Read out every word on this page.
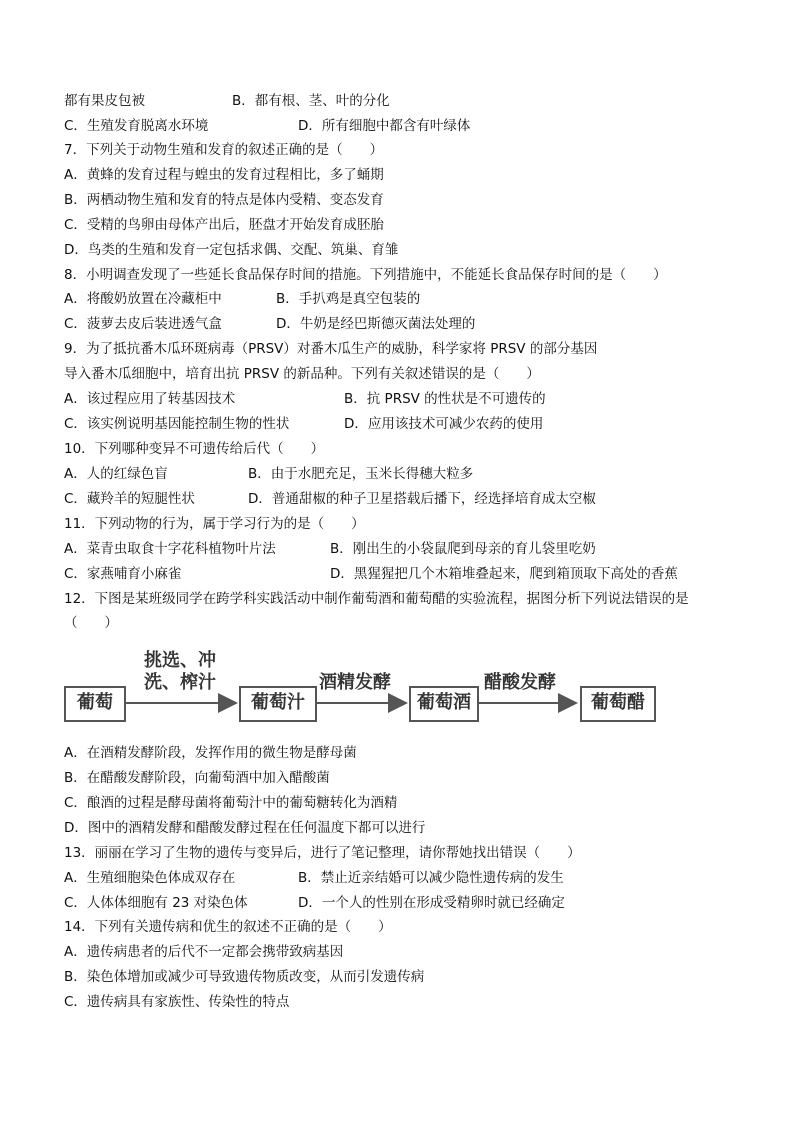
都有果皮包被	B．都有根、茎、叶的分化
C．生殖发育脱离水环境	D．所有细胞中都含有叶绿体
7．下列关于动物生殖和发育的叙述正确的是（　　）
A．黄蜂的发育过程与蝗虫的发育过程相比，多了蛹期
B．两栖动物生殖和发育的特点是体内受精、变态发育
C．受精的鸟卵由母体产出后，胚盘才开始发育成胚胎
D．鸟类的生殖和发育一定包括求偶、交配、筑巢、育雏
8．小明调查发现了一些延长食品保存时间的措施。下列措施中，不能延长食品保存时间的是（　　）
A．将酸奶放置在冷藏柜中	B．手扒鸡是真空包装的
C．菠萝去皮后装进透气盒	D．牛奶是经巴斯德灭菌法处理的
9．为了抵抗番木瓜环斑病毒（PRSV）对番木瓜生产的威胁，科学家将 PRSV 的部分基因
导入番木瓜细胞中，培育出抗 PRSV 的新品种。下列有关叙述错误的是（　　）
A．该过程应用了转基因技术	B．抗 PRSV 的性状是不可遗传的
C．该实例说明基因能控制生物的性状	D．应用该技术可减少农药的使用
10．下列哪种变异不可遗传给后代（　　）
A．人的红绿色盲	B．由于水肥充足，玉米长得穗大粒多
C．藏羚羊的短腿性状	D．普通甜椒的种子卫星搭载后播下，经选择培育成太空椒
11．下列动物的行为，属于学习行为的是（　　）
A．菜青虫取食十字花科植物叶片法	B．刚出生的小袋鼠爬到母亲的育儿袋里吃奶
C．家燕哺育小麻雀	D．黑猩猩把几个木箱堆叠起来，爬到箱顶取下高处的香蕉
12．下图是某班级同学在跨学科实践活动中制作葡萄酒和葡萄醋的实验流程，据图分析下列说法错误的是
（　　）
葡萄
挑选、冲
洗、榨汁
葡萄汁
酒精发酵
葡萄酒
醋酸发酵
葡萄醋
A．在酒精发酵阶段，发挥作用的微生物是酵母菌
B．在醋酸发酵阶段，向葡萄酒中加入醋酸菌
C．酿酒的过程是酵母菌将葡萄汁中的葡萄糖转化为酒精
D．图中的酒精发酵和醋酸发酵过程在任何温度下都可以进行
13．丽丽在学习了生物的遗传与变异后，进行了笔记整理，请你帮她找出错误（　　）
A．生殖细胞染色体成双存在	B．禁止近亲结婚可以减少隐性遗传病的发生
C．人体体细胞有 23 对染色体	D．一个人的性别在形成受精卵时就已经确定
14．下列有关遗传病和优生的叙述不正确的是（　　）
A．遗传病患者的后代不一定都会携带致病基因
B．染色体增加或减少可导致遗传物质改变，从而引发遗传病
C．遗传病具有家族性、传染性的特点
